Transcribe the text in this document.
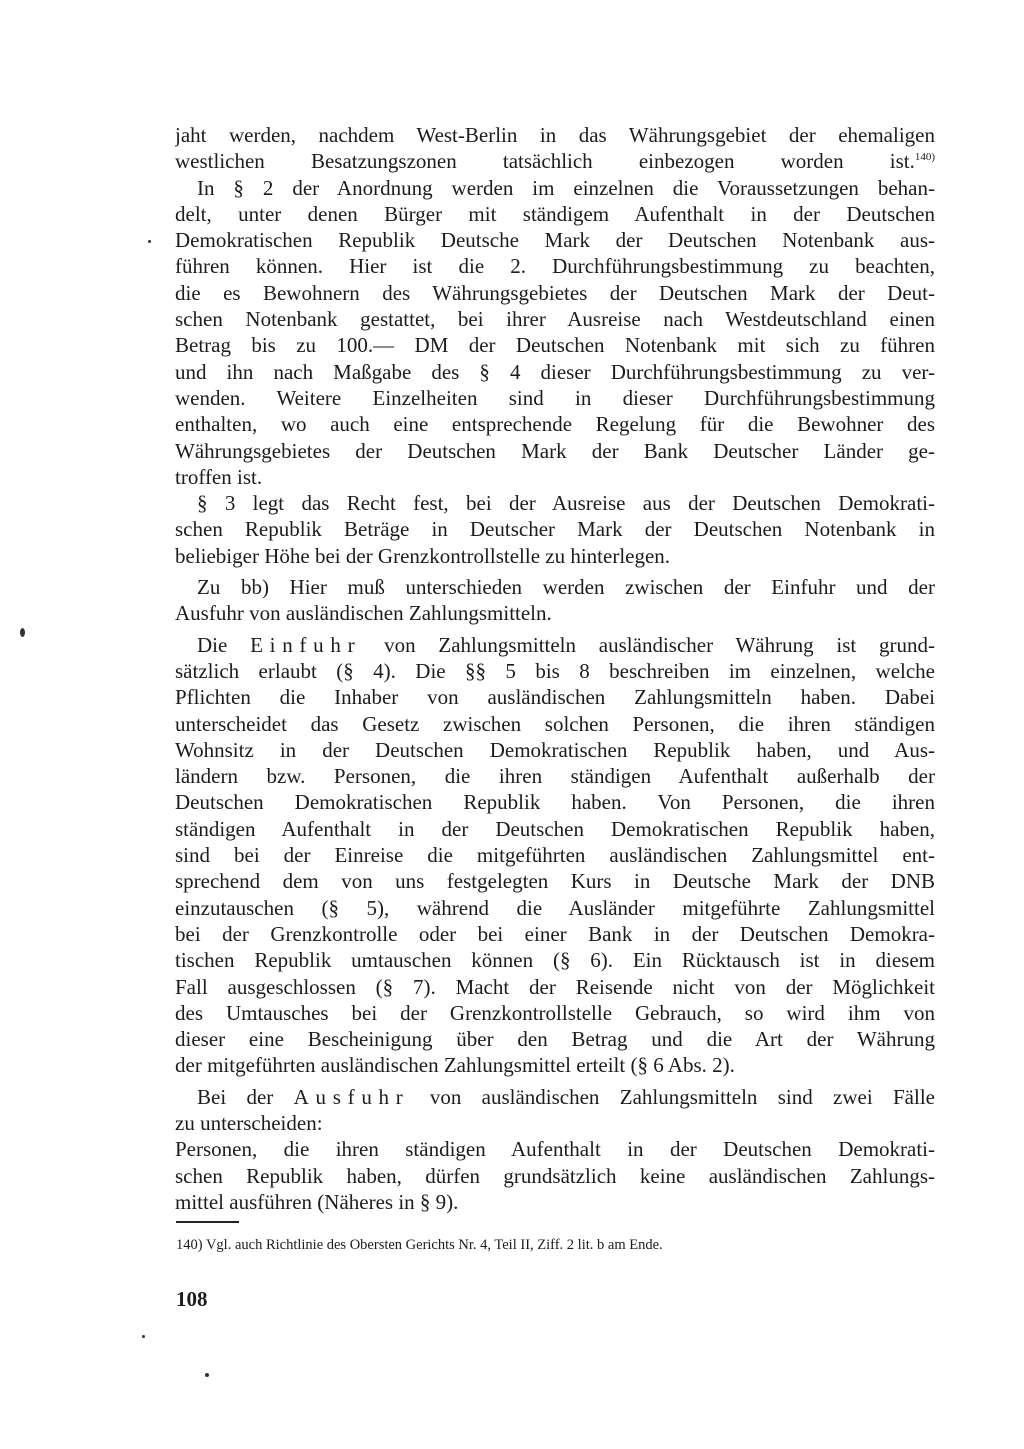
jaht werden, nachdem West-Berlin in das Währungsgebiet der ehemaligen
westlichen Besatzungszonen tatsächlich einbezogen worden ist.$^{140)}$
In § 2 der Anordnung werden im einzelnen die Voraussetzungen behan-
delt, unter denen Bürger mit ständigem Aufenthalt in der Deutschen
Demokratischen Republik Deutsche Mark der Deutschen Notenbank aus-
führen können. Hier ist die 2. Durchführungsbestimmung zu beachten,
die es Bewohnern des Währungsgebietes der Deutschen Mark der Deut-
schen Notenbank gestattet, bei ihrer Ausreise nach Westdeutschland einen
Betrag bis zu 100.— DM der Deutschen Notenbank mit sich zu führen
und ihn nach Maßgabe des § 4 dieser Durchführungsbestimmung zu ver-
wenden. Weitere Einzelheiten sind in dieser Durchführungsbestimmung
enthalten, wo auch eine entsprechende Regelung für die Bewohner des
Währungsgebietes der Deutschen Mark der Bank Deutscher Länder ge-
troffen ist.
§ 3 legt das Recht fest, bei der Ausreise aus der Deutschen Demokrati-
schen Republik Beträge in Deutscher Mark der Deutschen Notenbank in
beliebiger Höhe bei der Grenzkontrollstelle zu hinterlegen.
Zu bb) Hier muß unterschieden werden zwischen der Einfuhr und der
Ausfuhr von ausländischen Zahlungsmitteln.
Die Einfuhr von Zahlungsmitteln ausländischer Währung ist grund-
sätzlich erlaubt (§ 4). Die §§ 5 bis 8 beschreiben im einzelnen, welche
Pflichten die Inhaber von ausländischen Zahlungsmitteln haben. Dabei
unterscheidet das Gesetz zwischen solchen Personen, die ihren ständigen
Wohnsitz in der Deutschen Demokratischen Republik haben, und Aus-
ländern bzw. Personen, die ihren ständigen Aufenthalt außerhalb der
Deutschen Demokratischen Republik haben. Von Personen, die ihren
ständigen Aufenthalt in der Deutschen Demokratischen Republik haben,
sind bei der Einreise die mitgeführten ausländischen Zahlungsmittel ent-
sprechend dem von uns festgelegten Kurs in Deutsche Mark der DNB
einzutauschen (§ 5), während die Ausländer mitgeführte Zahlungsmittel
bei der Grenzkontrolle oder bei einer Bank in der Deutschen Demokra-
tischen Republik umtauschen können (§ 6). Ein Rücktausch ist in diesem
Fall ausgeschlossen (§ 7). Macht der Reisende nicht von der Möglichkeit
des Umtausches bei der Grenzkontrollstelle Gebrauch, so wird ihm von
dieser eine Bescheinigung über den Betrag und die Art der Währung
der mitgeführten ausländischen Zahlungsmittel erteilt (§ 6 Abs. 2).
Bei der Ausfuhr von ausländischen Zahlungsmitteln sind zwei Fälle
zu unterscheiden:
Personen, die ihren ständigen Aufenthalt in der Deutschen Demokrati-
schen Republik haben, dürfen grundsätzlich keine ausländischen Zahlungs-
mittel ausführen (Näheres in § 9).
140) Vgl. auch Richtlinie des Obersten Gerichts Nr. 4, Teil II, Ziff. 2 lit. b am Ende.
108
